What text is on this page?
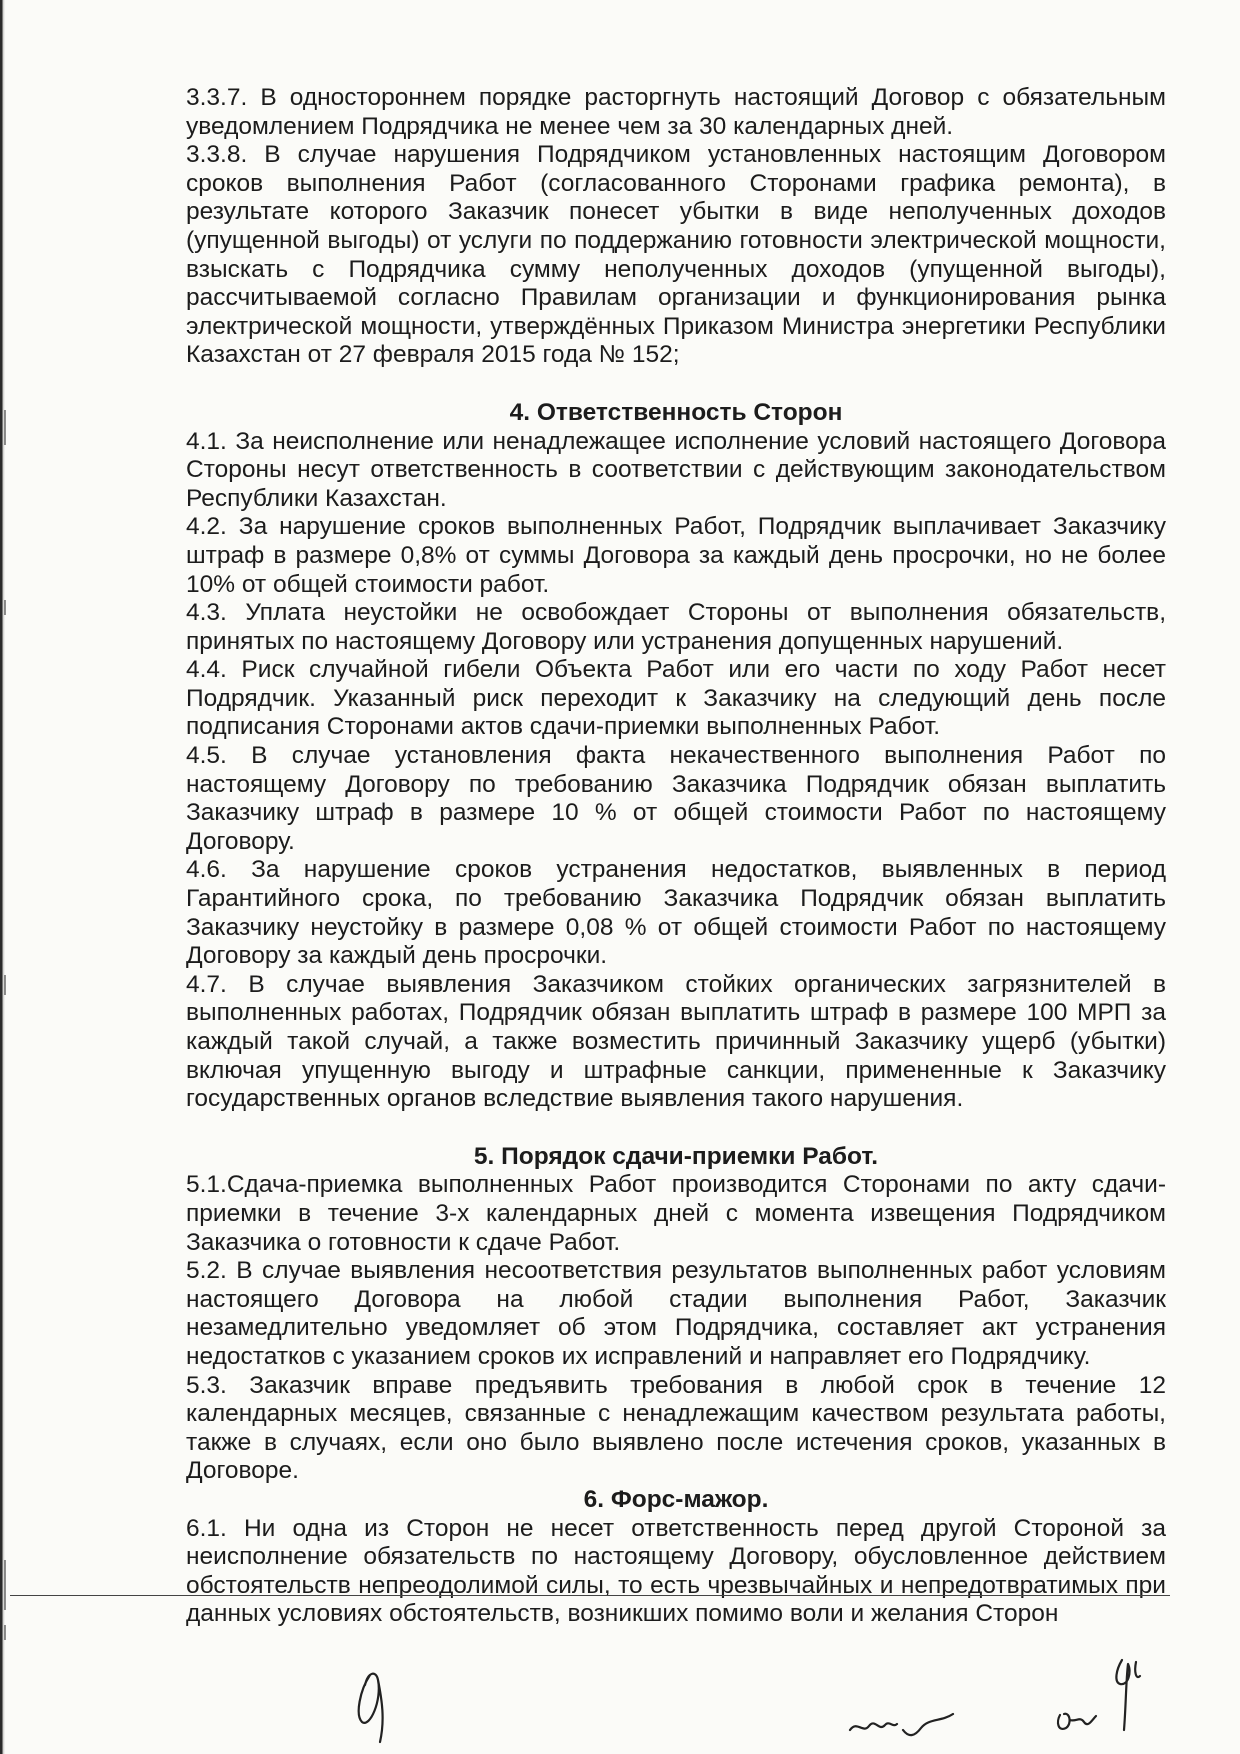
3.3.7. В одностороннем порядке расторгнуть настоящий Договор с обязательным уведомлением Подрядчика не менее чем за 30 календарных дней.

3.3.8. В случае нарушения Подрядчиком установленных настоящим Договором сроков выполнения Работ (согласованного Сторонами графика ремонта), в результате которого Заказчик понесет убытки в виде неполученных доходов (упущенной выгоды) от услуги по поддержанию готовности электрической мощности, взыскать с Подрядчика сумму неполученных доходов (упущенной выгоды), рассчитываемой согласно Правилам организации и функционирования рынка электрической мощности, утверждённых Приказом Министра энергетики Республики Казахстан от 27 февраля 2015 года № 152;

4. Ответственность Сторон

4.1. За неисполнение или ненадлежащее исполнение условий настоящего Договора Стороны несут ответственность в соответствии с действующим законодательством Республики Казахстан.

4.2. За нарушение сроков выполненных Работ, Подрядчик выплачивает Заказчику штраф в размере 0,8% от суммы Договора за каждый день просрочки, но не более 10% от общей стоимости работ.

4.3. Уплата неустойки не освобождает Стороны от выполнения обязательств, принятых по настоящему Договору или устранения допущенных нарушений.

4.4. Риск случайной гибели Объекта Работ или его части по ходу Работ несет Подрядчик. Указанный риск переходит к Заказчику на следующий день после подписания Сторонами актов сдачи-приемки выполненных Работ.

4.5. В случае установления факта некачественного выполнения Работ по настоящему Договору по требованию Заказчика Подрядчик обязан выплатить Заказчику штраф в размере 10 % от общей стоимости Работ по настоящему Договору.

4.6. За нарушение сроков устранения недостатков, выявленных в период Гарантийного срока, по требованию Заказчика Подрядчик обязан выплатить Заказчику неустойку в размере 0,08 % от общей стоимости Работ по настоящему Договору за каждый день просрочки.

4.7. В случае выявления Заказчиком стойких органических загрязнителей в выполненных работах, Подрядчик обязан выплатить штраф в размере 100 МРП за каждый такой случай, а также возместить причинный Заказчику ущерб (убытки) включая упущенную выгоду и штрафные санкции, примененные к Заказчику государственных органов вследствие выявления такого нарушения.

5. Порядок сдачи-приемки Работ.

5.1.Сдача-приемка выполненных Работ производится Сторонами по акту сдачи-приемки в течение 3-х календарных дней с момента извещения Подрядчиком Заказчика о готовности к сдаче Работ.

5.2. В случае выявления несоответствия результатов выполненных работ условиям настоящего Договора на любой стадии выполнения Работ, Заказчик незамедлительно уведомляет об этом Подрядчика, составляет акт устранения недостатков с указанием сроков их исправлений и направляет его Подрядчику.

5.3. Заказчик вправе предъявить требования в любой срок в течение 12 календарных месяцев, связанные с ненадлежащим качеством результата работы, также в случаях, если оно было выявлено после истечения сроков, указанных в Договоре.

6. Форс-мажор.

6.1. Ни одна из Сторон не несет ответственность перед другой Стороной за неисполнение обязательств по настоящему Договору, обусловленное действием обстоятельств непреодолимой силы, то есть чрезвычайных и непредотвратимых при данных условиях обстоятельств, возникших помимо воли и желания Сторон
